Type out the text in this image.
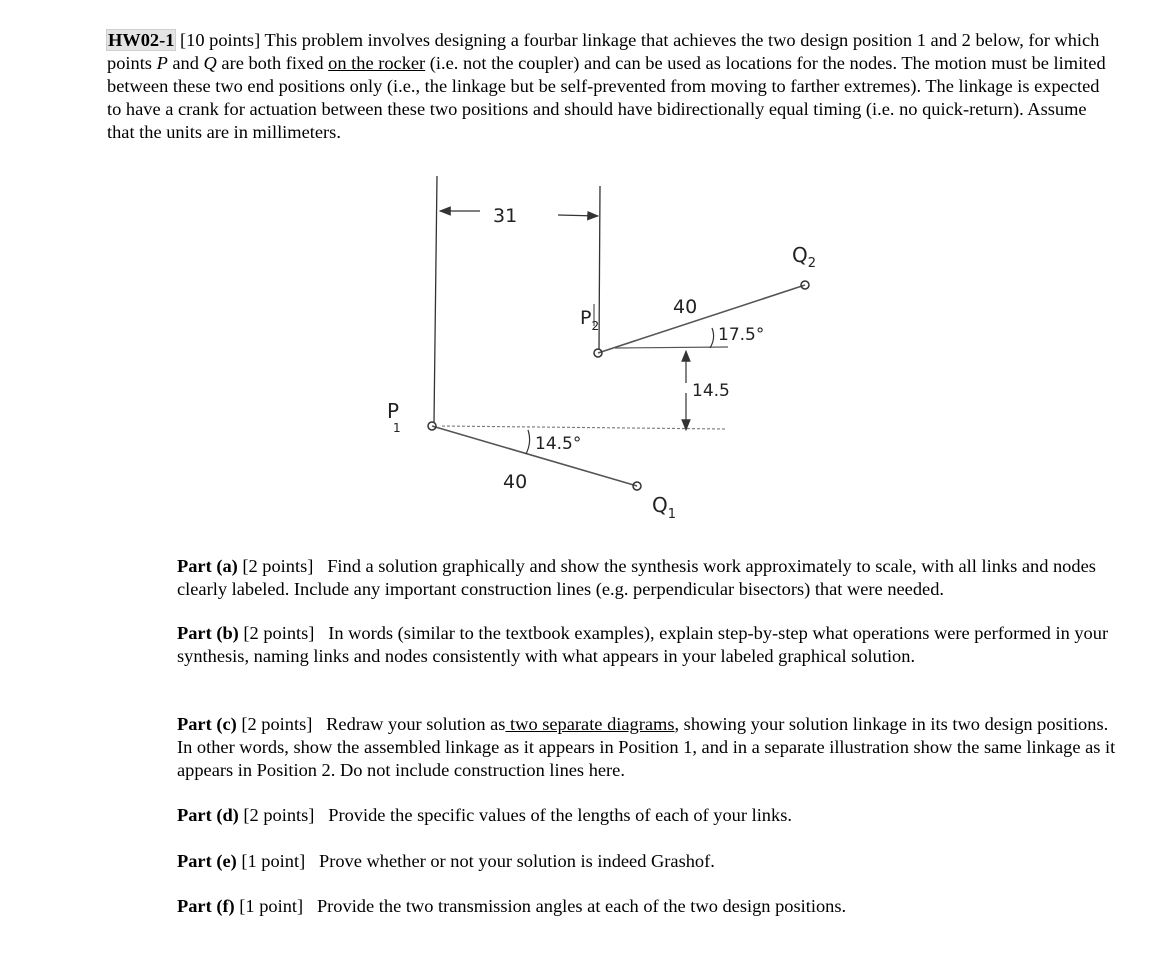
HW02-1 [10 points] This problem involves designing a fourbar linkage that achieves the two design position 1 and 2 below, for which points P and Q are both fixed on the rocker (i.e. not the coupler) and can be used as locations for the nodes. The motion must be limited between these two end positions only (i.e., the linkage but be self-prevented from moving to farther extremes). The linkage is expected to have a crank for actuation between these two positions and should have bidirectionally equal timing (i.e. no quick-return). Assume that the units are in millimeters.

31
$P_2$
$Q_2$
40
17.5°
14.5
P 1
$Q_1$
14.5°
40

Part (a) [2 points] Find a solution graphically and show the synthesis work approximately to scale, with all links and nodes clearly labeled. Include any important construction lines (e.g. perpendicular bisectors) that were needed.

Part (b) [2 points] In words (similar to the textbook examples), explain step-by-step what operations were performed in your synthesis, naming links and nodes consistently with what appears in your labeled graphical solution.

Part (c) [2 points] Redraw your solution as two separate diagrams, showing your solution linkage in its two design positions. In other words, show the assembled linkage as it appears in Position 1, and in a separate illustration show the same linkage as it appears in Position 2. Do not include construction lines here.

Part (d) [2 points] Provide the specific values of the lengths of each of your links.

Part (e) [1 point] Prove whether or not your solution is indeed Grashof.

Part (f) [1 point] Provide the two transmission angles at each of the two design positions.
